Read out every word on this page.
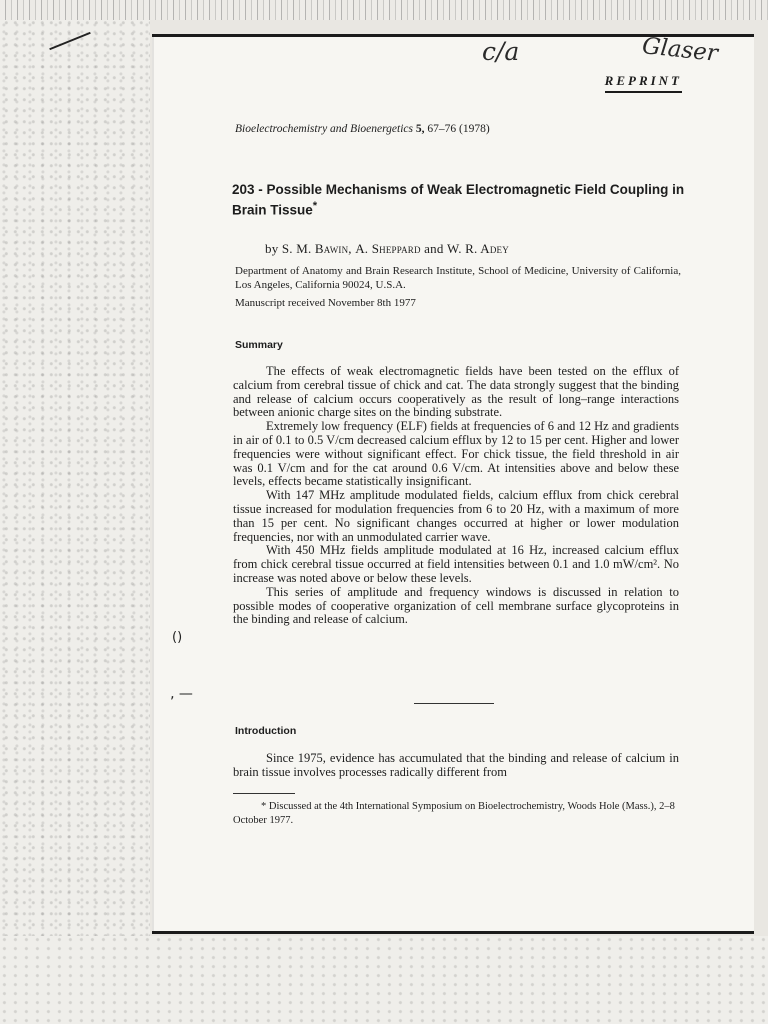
c/a	Glaser
REPRINT
Bioelectrochemistry and Bioenergetics 5, 67–76 (1978)
203 - Possible Mechanisms of Weak Electromagnetic Field Coupling in Brain Tissue*
by S. M. Bawin, A. Sheppard and W. R. Adey

Department of Anatomy and Brain Research Institute, School of Medicine, University of California, Los Angeles, California 90024, U.S.A.

Manuscript received November 8th 1977
Summary

The effects of weak electromagnetic fields have been tested on the efflux of calcium from cerebral tissue of chick and cat. The data strongly suggest that the binding and release of calcium occurs cooperatively as the result of long–range interactions between anionic charge sites on the binding substrate.

Extremely low frequency (ELF) fields at frequencies of 6 and 12 Hz and gradients in air of 0.1 to 0.5 V/cm decreased calcium efflux by 12 to 15 per cent. Higher and lower frequencies were without significant effect. For chick tissue, the field threshold in air was 0.1 V/cm and for the cat around 0.6 V/cm. At intensities above and below these levels, effects became statistically insignificant.

With 147 MHz amplitude modulated fields, calcium efflux from chick cerebral tissue increased for modulation frequencies from 6 to 20 Hz, with a maximum of more than 15 per cent. No significant changes occurred at higher or lower modulation frequencies, nor with an unmodulated carrier wave.

With 450 MHz fields amplitude modulated at 16 Hz, increased calcium efflux from chick cerebral tissue occurred at field intensities between 0.1 and 1.0 mW/cm². No increase was noted above or below these levels.

This series of amplitude and frequency windows is discussed in relation to possible modes of cooperative organization of cell membrane surface glycoproteins in the binding and release of calcium.

Introduction

Since 1975, evidence has accumulated that the binding and release of calcium in brain tissue involves processes radically different from

* Discussed at the 4th International Symposium on Bioelectrochemistry, Woods Hole (Mass.), 2–8 October 1977.

()
‚ —
